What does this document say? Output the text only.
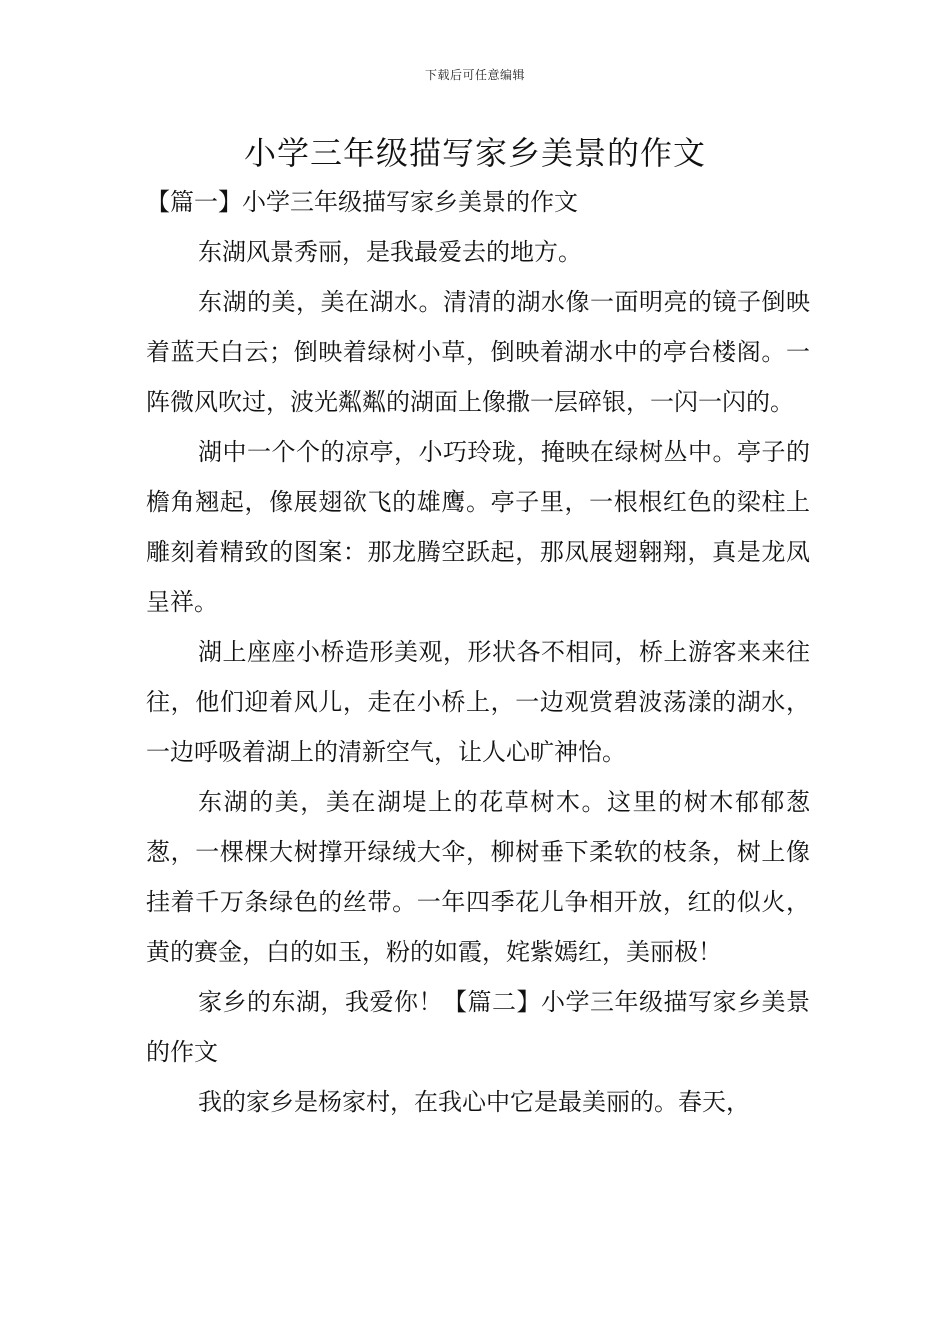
下载后可任意编辑
小学三年级描写家乡美景的作文

【篇一】小学三年级描写家乡美景的作文

东湖风景秀丽，是我最爱去的地方。

东湖的美，美在湖水。清清的湖水像一面明亮的镜子倒映着蓝天白云；倒映着绿树小草，倒映着湖水中的亭台楼阁。一阵微风吹过，波光粼粼的湖面上像撒一层碎银，一闪一闪的。

湖中一个个的凉亭，小巧玲珑，掩映在绿树丛中。亭子的檐角翘起，像展翅欲飞的雄鹰。亭子里，一根根红色的梁柱上雕刻着精致的图案：那龙腾空跃起，那凤展翅翱翔，真是龙凤呈祥。

湖上座座小桥造形美观，形状各不相同，桥上游客来来往往，他们迎着风儿，走在小桥上，一边观赏碧波荡漾的湖水，一边呼吸着湖上的清新空气，让人心旷神怡。

东湖的美，美在湖堤上的花草树木。这里的树木郁郁葱葱，一棵棵大树撑开绿绒大伞，柳树垂下柔软的枝条，树上像挂着千万条绿色的丝带。一年四季花儿争相开放，红的似火，黄的赛金，白的如玉，粉的如霞，姹紫嫣红，美丽极！

家乡的东湖，我爱你！【篇二】小学三年级描写家乡美景的作文

我的家乡是杨家村，在我心中它是最美丽的。春天，
